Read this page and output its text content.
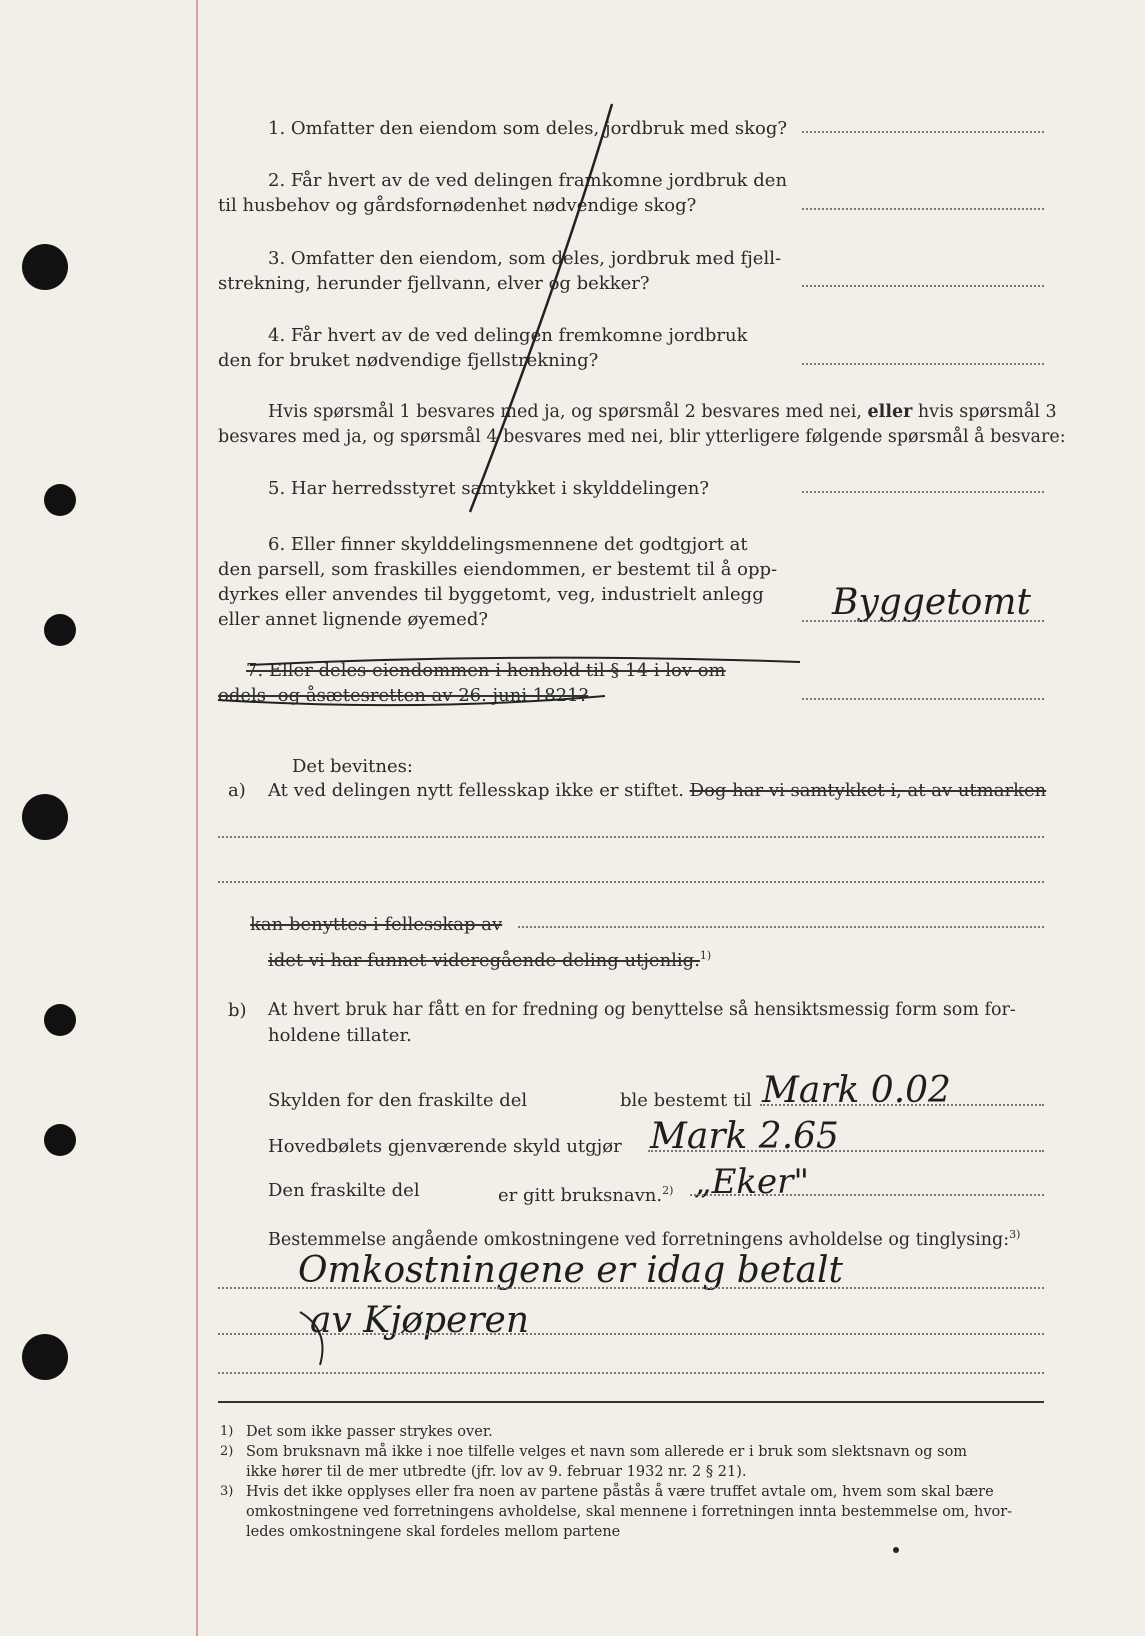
1. Omfatter den eiendom som deles, jordbruk med skog?
2. Får hvert av de ved delingen framkomne jordbruk den
til husbehov og gårdsfornødenhet nødvendige skog?
3. Omfatter den eiendom, som deles, jordbruk med fjell-
strekning, herunder fjellvann, elver og bekker?
4. Får hvert av de ved delingen fremkomne jordbruk
den for bruket nødvendige fjellstrekning?
Hvis spørsmål 1 besvares med ja, og spørsmål 2 besvares med nei, eller hvis spørsmål 3
besvares med ja, og spørsmål 4 besvares med nei, blir ytterligere følgende spørsmål å besvare:
5. Har herredsstyret samtykket i skylddelingen?
6. Eller finner skylddelingsmennene det godtgjort at
den parsell, som fraskilles eiendommen, er bestemt til å opp-
dyrkes eller anvendes til byggetomt, veg, industrielt anlegg
eller annet lignende øyemed?	Byggetomt
7. Eller deles eiendommen i henhold til § 14 i lov om
odels- og åsætesretten av 26. juni 1821?
Det bevitnes:
a) At ved delingen nytt fellesskap ikke er stiftet. Dog har vi samtykket i, at av utmarken
kan benyttes i fellesskap av
idet vi har funnet videregående deling utjenlig.$^{1)}$
b) At hvert bruk har fått en for fredning og benyttelse så hensiktsmessig form som for-
holdene tillater.
Skylden for den fraskilte del	ble bestemt til Mark 0.02
Hovedbølets gjenværende skyld utgjør Mark 2.65
Den fraskilte del	er gitt bruksnavn.$^{2)}$ „Eker"
Bestemmelse angående omkostningene ved forretningens avholdelse og tinglysing:$^{3)}$
Omkostningene er idag betalt
av Kjøperen
1) Det som ikke passer strykes over.
2) Som bruksnavn må ikke i noe tilfelle velges et navn som allerede er i bruk som slektsnavn og som
ikke hører til de mer utbredte (jfr. lov av 9. februar 1932 nr. 2 § 21).
3) Hvis det ikke opplyses eller fra noen av partene påstås å være truffet avtale om, hvem som skal bære
omkostningene ved forretningens avholdelse, skal mennene i forretningen innta bestemmelse om, hvor-
ledes omkostningene skal fordeles mellom partene
